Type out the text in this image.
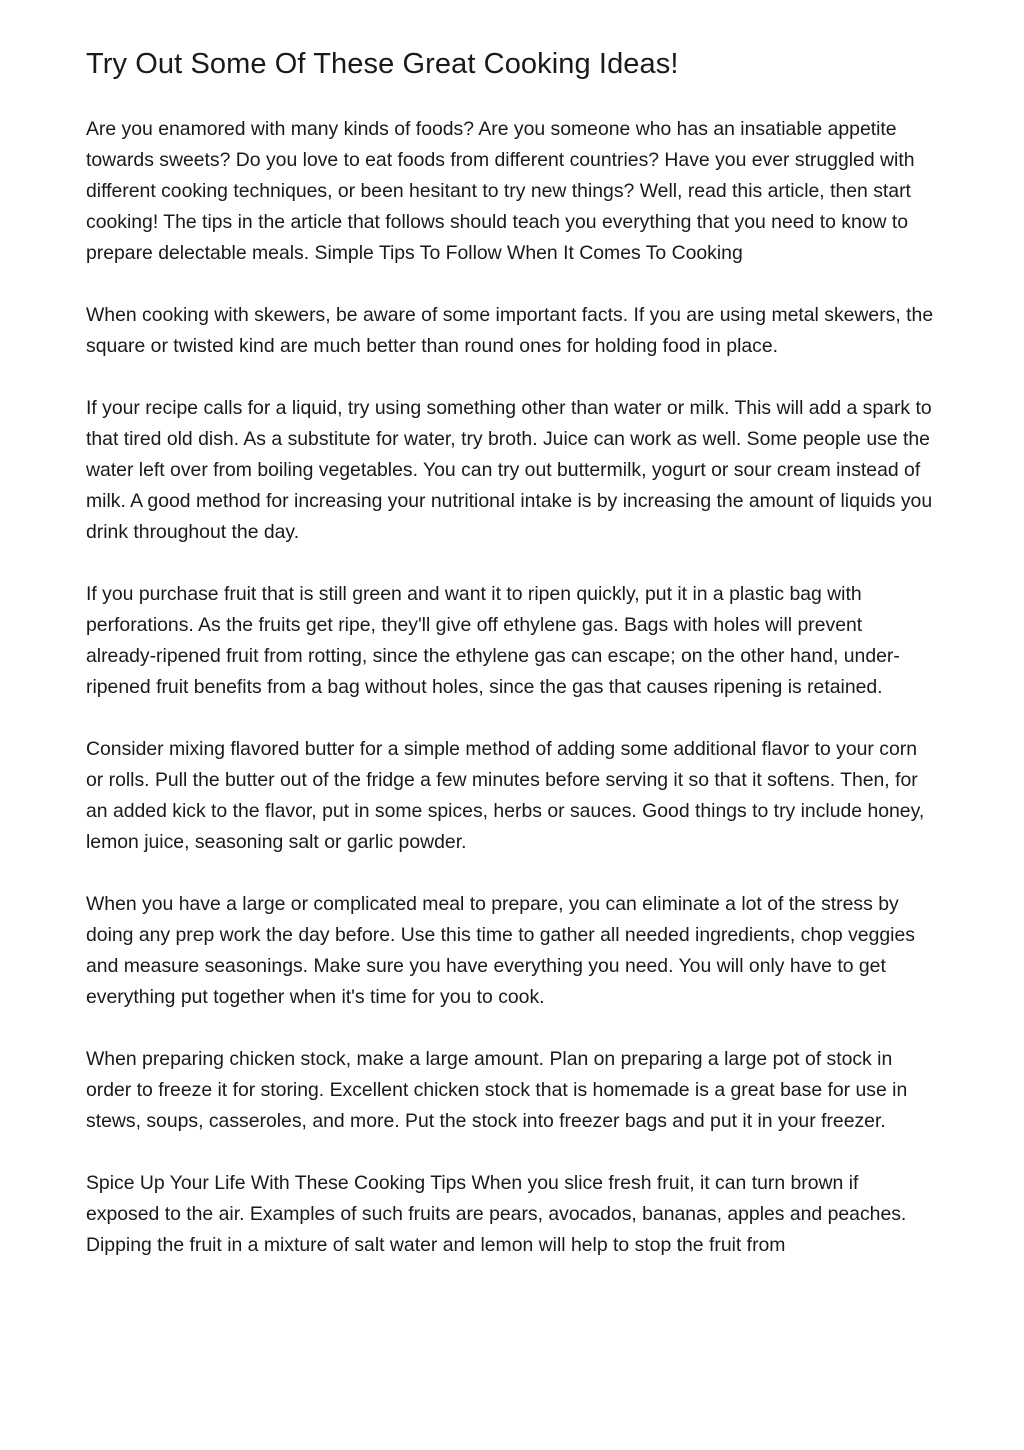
Try Out Some Of These Great Cooking Ideas!

Are you enamored with many kinds of foods? Are you someone who has an insatiable appetite towards sweets? Do you love to eat foods from different countries? Have you ever struggled with different cooking techniques, or been hesitant to try new things? Well, read this article, then start cooking! The tips in the article that follows should teach you everything that you need to know to prepare delectable meals. Simple Tips To Follow When It Comes To Cooking

When cooking with skewers, be aware of some important facts. If you are using metal skewers, the square or twisted kind are much better than round ones for holding food in place.

If your recipe calls for a liquid, try using something other than water or milk. This will add a spark to that tired old dish. As a substitute for water, try broth. Juice can work as well. Some people use the water left over from boiling vegetables. You can try out buttermilk, yogurt or sour cream instead of milk. A good method for increasing your nutritional intake is by increasing the amount of liquids you drink throughout the day.

If you purchase fruit that is still green and want it to ripen quickly, put it in a plastic bag with perforations. As the fruits get ripe, they'll give off ethylene gas. Bags with holes will prevent already-ripened fruit from rotting, since the ethylene gas can escape; on the other hand, under-ripened fruit benefits from a bag without holes, since the gas that causes ripening is retained.

Consider mixing flavored butter for a simple method of adding some additional flavor to your corn or rolls. Pull the butter out of the fridge a few minutes before serving it so that it softens. Then, for an added kick to the flavor, put in some spices, herbs or sauces. Good things to try include honey, lemon juice, seasoning salt or garlic powder.

When you have a large or complicated meal to prepare, you can eliminate a lot of the stress by doing any prep work the day before. Use this time to gather all needed ingredients, chop veggies and measure seasonings. Make sure you have everything you need. You will only have to get everything put together when it's time for you to cook.

When preparing chicken stock, make a large amount. Plan on preparing a large pot of stock in order to freeze it for storing. Excellent chicken stock that is homemade is a great base for use in stews, soups, casseroles, and more. Put the stock into freezer bags and put it in your freezer.

Spice Up Your Life With These Cooking Tips When you slice fresh fruit, it can turn brown if exposed to the air. Examples of such fruits are pears, avocados, bananas, apples and peaches. Dipping the fruit in a mixture of salt water and lemon will help to stop the fruit from
